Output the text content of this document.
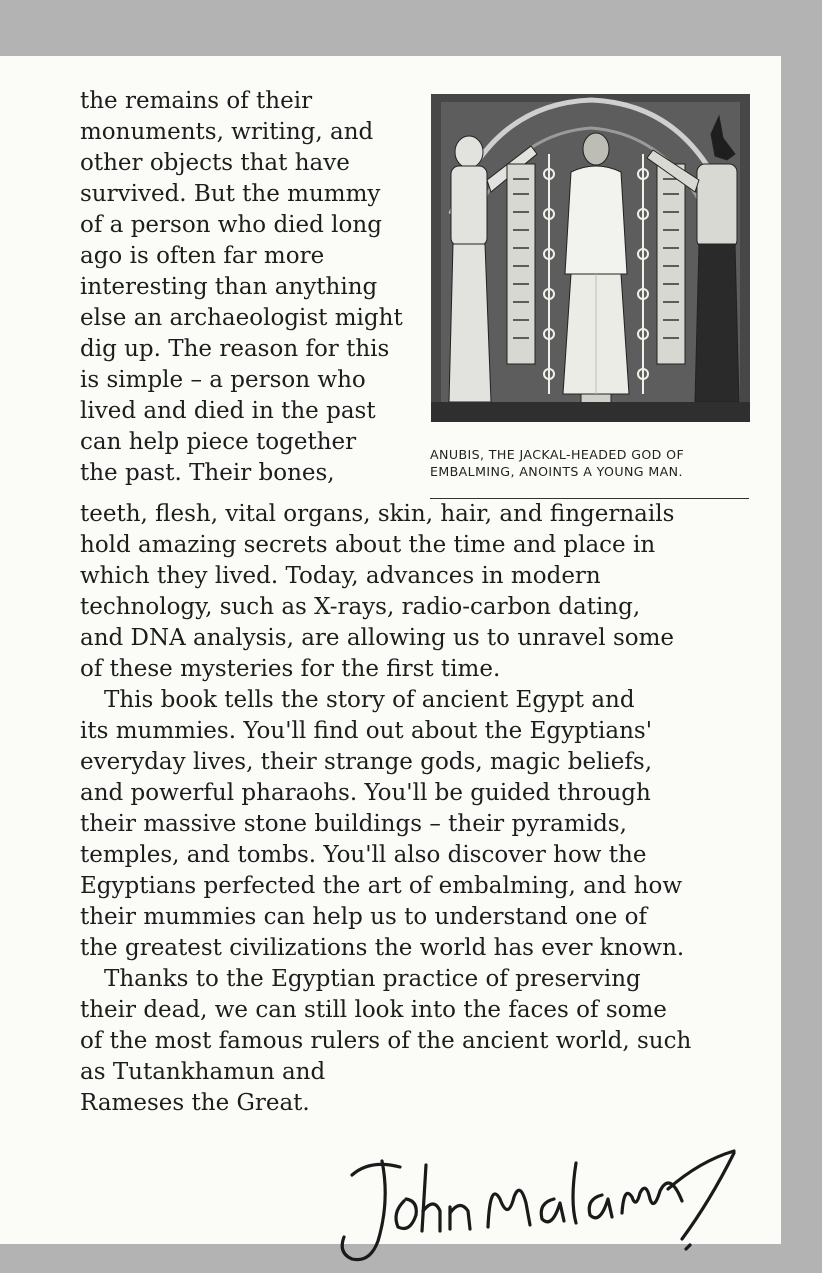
ANUBIS, THE JACKAL-HEADED GOD OF
EMBALMING, ANOINTS A YOUNG MAN.
the remains of their
monuments, writing, and
other objects that have
survived. But the mummy
of a person who died long
ago is often far more
interesting than anything
else an archaeologist might
dig up. The reason for this
is simple – a person who
lived and died in the past
can help piece together
the past. Their bones,
teeth, flesh, vital organs, skin, hair, and fingernails
hold amazing secrets about the time and place in
which they lived. Today, advances in modern
technology, such as X-rays, radio-carbon dating,
and DNA analysis, are allowing us to unravel some
of these mysteries for the first time.
This book tells the story of ancient Egypt and
its mummies. You'll find out about the Egyptians'
everyday lives, their strange gods, magic beliefs,
and powerful pharaohs. You'll be guided through
their massive stone buildings – their pyramids,
temples, and tombs. You'll also discover how the
Egyptians perfected the art of embalming, and how
their mummies can help us to understand one of
the greatest civilizations the world has ever known.
Thanks to the Egyptian practice of preserving
their dead, we can still look into the faces of some
of the most famous rulers of the ancient world, such
as Tutankhamun and
Rameses the Great.
